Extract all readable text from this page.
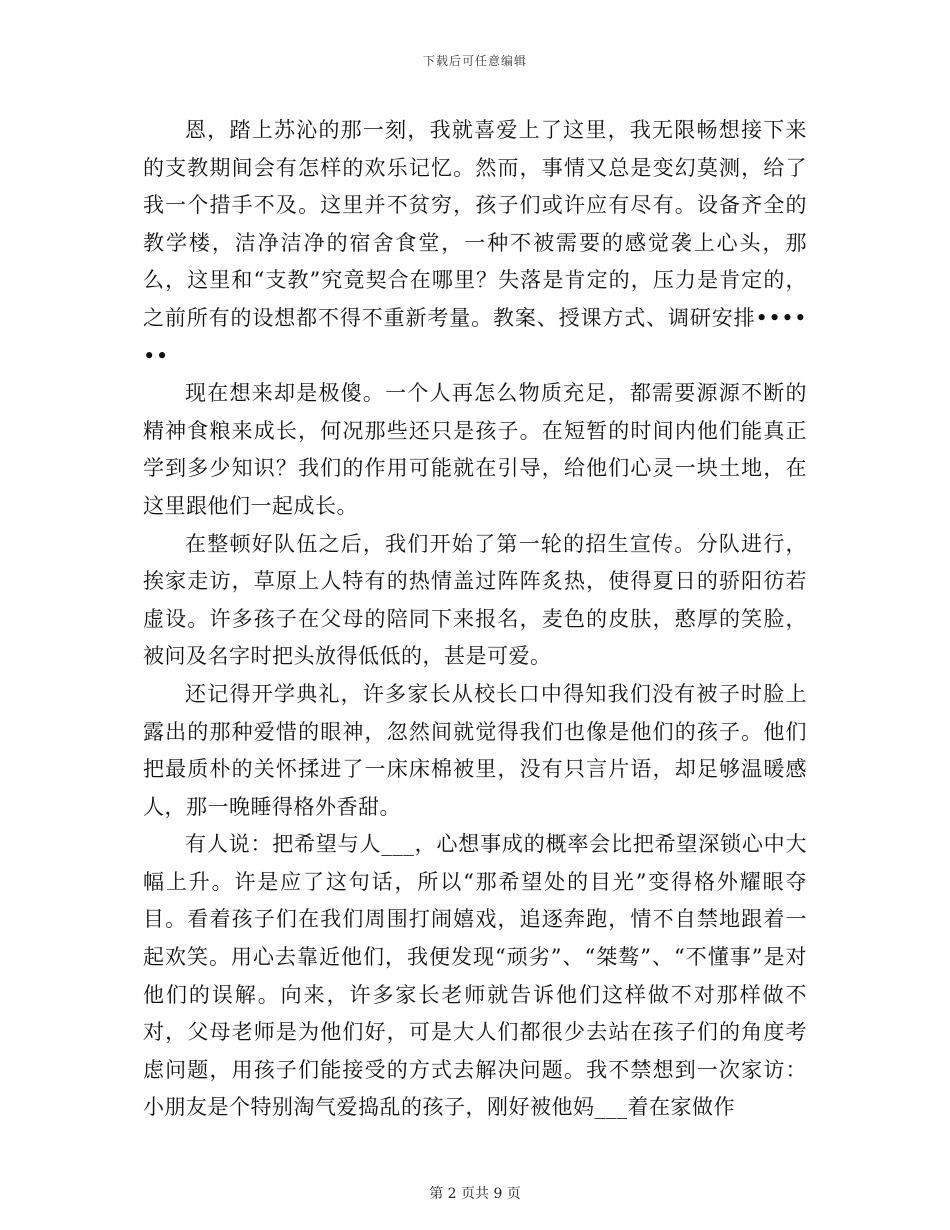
下载后可任意编辑

恩，踏上苏沁的那一刻，我就喜爱上了这里，我无限畅想接下来的支教期间会有怎样的欢乐记忆。然而，事情又总是变幻莫测，给了我一个措手不及。这里并不贫穷，孩子们或许应有尽有。设备齐全的教学楼，洁净洁净的宿舍食堂，一种不被需要的感觉袭上心头，那么，这里和“支教”究竟契合在哪里？失落是肯定的，压力是肯定的，之前所有的设想都不得不重新考量。教案、授课方式、调研安排••••••

现在想来却是极傻。一个人再怎么物质充足，都需要源源不断的精神食粮来成长，何况那些还只是孩子。在短暂的时间内他们能真正学到多少知识？我们的作用可能就在引导，给他们心灵一块土地，在这里跟他们一起成长。

在整顿好队伍之后，我们开始了第一轮的招生宣传。分队进行，挨家走访，草原上人特有的热情盖过阵阵炙热，使得夏日的骄阳彷若虚设。许多孩子在父母的陪同下来报名，麦色的皮肤，憨厚的笑脸，被问及名字时把头放得低低的，甚是可爱。

还记得开学典礼，许多家长从校长口中得知我们没有被子时脸上露出的那种爱惜的眼神，忽然间就觉得我们也像是他们的孩子。他们把最质朴的关怀揉进了一床床棉被里，没有只言片语，却足够温暖感人，那一晚睡得格外香甜。

有人说：把希望与人___，心想事成的概率会比把希望深锁心中大幅上升。许是应了这句话，所以“那希望处的目光”变得格外耀眼夺目。看着孩子们在我们周围打闹嬉戏，追逐奔跑，情不自禁地跟着一起欢笑。用心去靠近他们，我便发现“顽劣”、“桀骜”、“不懂事”是对他们的误解。向来，许多家长老师就告诉他们这样做不对那样做不对，父母老师是为他们好，可是大人们都很少去站在孩子们的角度考虑问题，用孩子们能接受的方式去解决问题。我不禁想到一次家访：小朋友是个特别淘气爱捣乱的孩子，刚好被他妈___着在家做作

第 2 页共 9 页
